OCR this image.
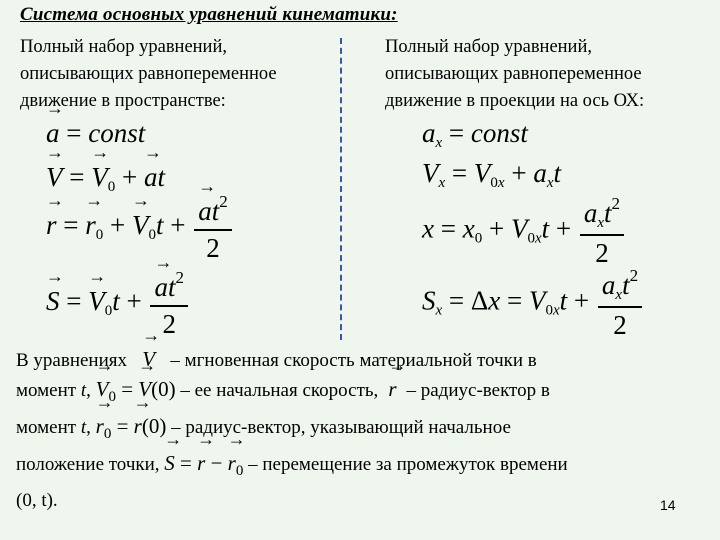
Система основных уравнений кинематики:
Полный набор уравнений,
описывающих равнопеременное
движение в пространстве:
Полный набор уравнений,
описывающих равнопеременное
движение в проекции на ось ОХ:
→ a = const
→ V = → $V_0$ + → at
→ r = → $r_0$ + → $V_0t$ + → $\frac{at^2}{2}$
→ S = → $V_0t$ + → $\frac{at^2}{2}$
$a_x$ = const
$V_x = V_{0x} + a_xt$
$x = x_0 + V_{0x}t + \frac{a_xt^2}{2}$
$S_x = \Delta x = V_{0x}t + \frac{a_xt^2}{2}$
В уравнениях → V – мгновенная скорость материальной точки в
момент t, → $V_0$ = → V(0) – ее начальная скорость, → r – радиус-вектор в
момент t, → $r_0$ = → r(0) – радиус-вектор, указывающий начальное
положение точки, → S = → r − → $r_0$ – перемещение за промежуток времени
(0, t).	14
